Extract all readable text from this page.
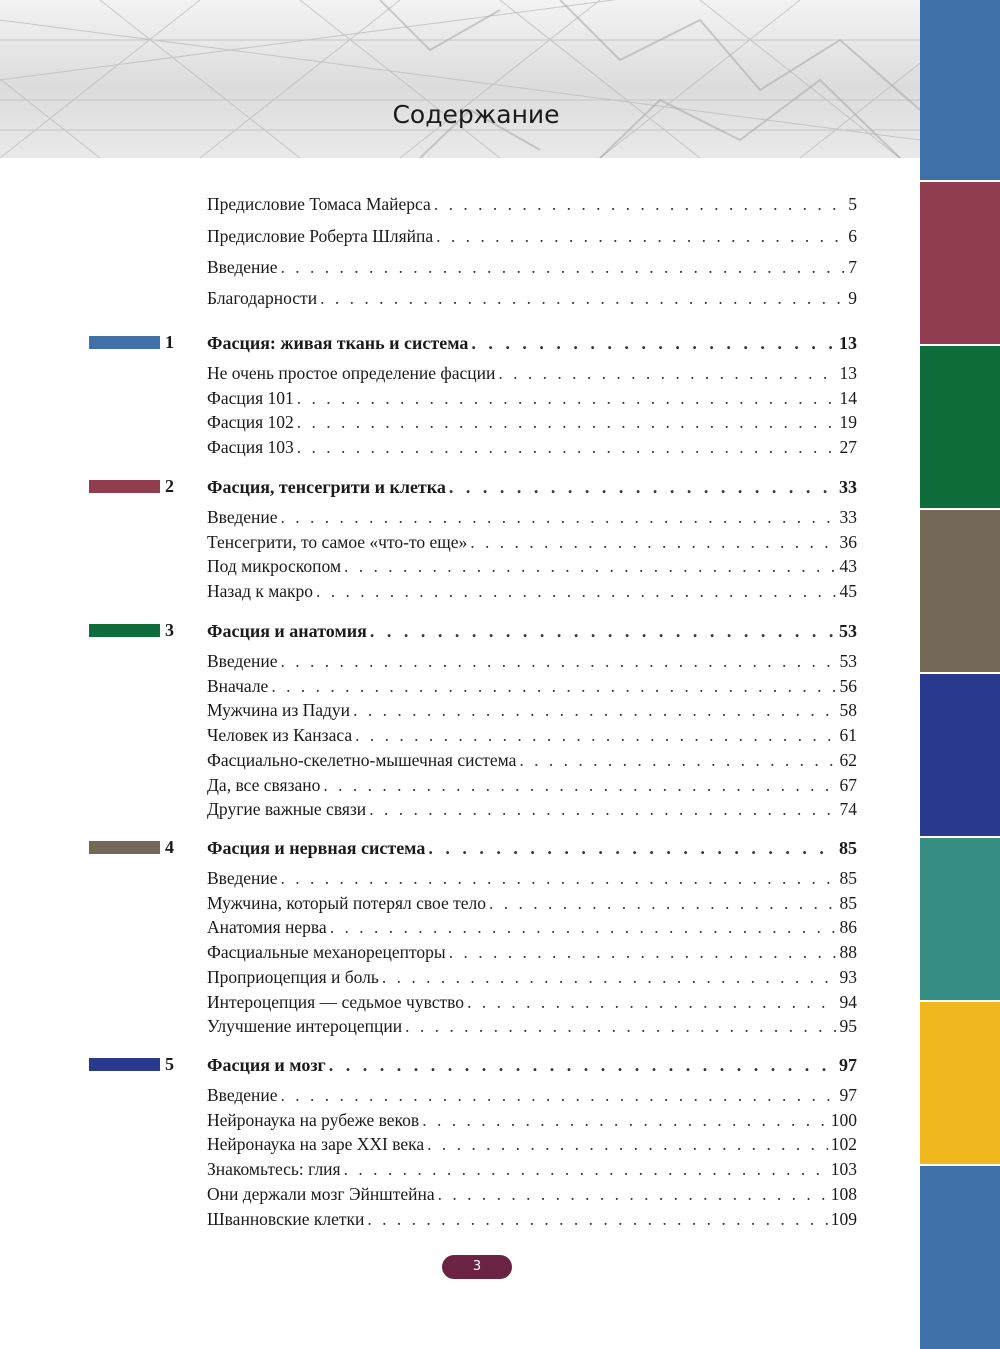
Содержание
Предисловие Томаса Майерса . . .	5
Предисловие Роберта Шляйпа . . .	6
Введение . . .	7
Благодарности . . .	9
1	Фасция: живая ткань и система . . .	13
Не очень простое определение фасции . . .	13
Фасция 101 . . .	14
Фасция 102 . . .	19
Фасция 103 . . .	27
2	Фасция, тенсегрити и клетка . . .	33
Введение . . .	33
Тенсегрити, то самое «что-то еще» . . .	36
Под микроскопом . . .	43
Назад к макро . . .	45
3	Фасция и анатомия . . .	53
Введение . . .	53
Вначале . . .	56
Мужчина из Падуи . . .	58
Человек из Канзаса . . .	61
Фасциально-скелетно-мышечная система . . .	62
Да, все связано . . .	67
Другие важные связи . . .	74
4	Фасция и нервная система . . .	85
Введение . . .	85
Мужчина, который потерял свое тело . . .	85
Анатомия нерва . . .	86
Фасциальные механорецепторы . . .	88
Проприоцепция и боль . . .	93
Интероцепция — седьмое чувство . . .	94
Улучшение интероцепции . . .	95
5	Фасция и мозг . . .	97
Введение . . .	97
Нейронаука на рубеже веков . . .	100
Нейронаука на заре XXI века . . .	102
Знакомьтесь: глия . . .	103
Они держали мозг Эйнштейна . . .	108
Шванновские клетки . . .	109
3
